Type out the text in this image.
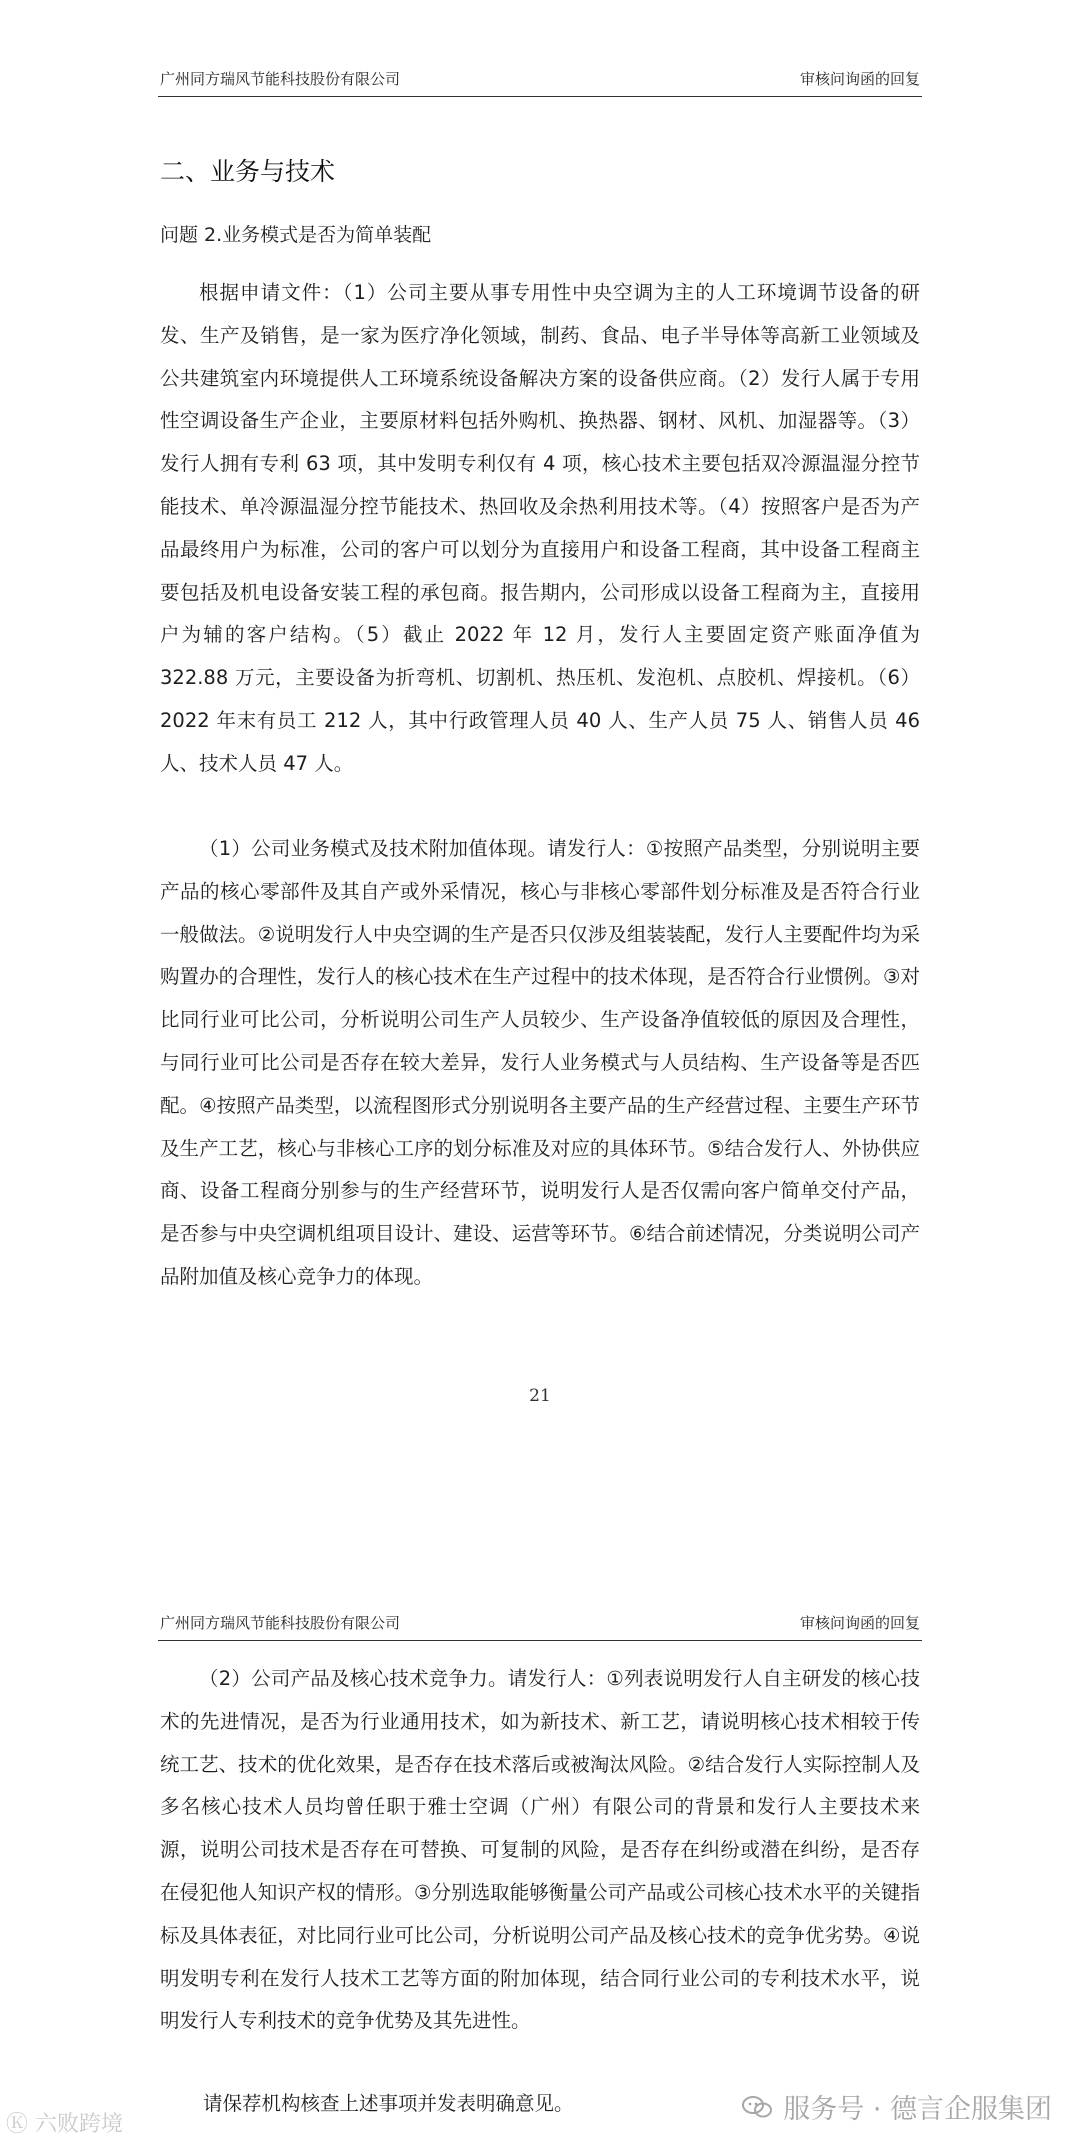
广州同方瑞风节能科技股份有限公司	审核问询函的回复
二、业务与技术
问题 2.业务模式是否为简单装配

根据申请文件：（1）公司主要从事专用性中央空调为主的人工环境调节设备的研发、生产及销售，是一家为医疗净化领域，制药、食品、电子半导体等高新工业领域及公共建筑室内环境提供人工环境系统设备解决方案的设备供应商。（2）发行人属于专用性空调设备生产企业，主要原材料包括外购机、换热器、钢材、风机、加湿器等。（3）发行人拥有专利 63 项，其中发明专利仅有 4 项，核心技术主要包括双冷源温湿分控节能技术、单冷源温湿分控节能技术、热回收及余热利用技术等。（4）按照客户是否为产品最终用户为标准，公司的客户可以划分为直接用户和设备工程商，其中设备工程商主要包括及机电设备安装工程的承包商。报告期内，公司形成以设备工程商为主，直接用户为辅的客户结构。（5）截止 2022 年 12 月，发行人主要固定资产账面净值为 322.88 万元，主要设备为折弯机、切割机、热压机、发泡机、点胶机、焊接机。（6）2022 年末有员工 212 人，其中行政管理人员 40 人、生产人员 75 人、销售人员 46 人、技术人员 47 人。

（1）公司业务模式及技术附加值体现。请发行人：①按照产品类型，分别说明主要产品的核心零部件及其自产或外采情况，核心与非核心零部件划分标准及是否符合行业一般做法。②说明发行人中央空调的生产是否只仅涉及组装装配，发行人主要配件均为采购置办的合理性，发行人的核心技术在生产过程中的技术体现，是否符合行业惯例。③对比同行业可比公司，分析说明公司生产人员较少、生产设备净值较低的原因及合理性，与同行业可比公司是否存在较大差异，发行人业务模式与人员结构、生产设备等是否匹配。④按照产品类型，以流程图形式分别说明各主要产品的生产经营过程、主要生产环节及生产工艺，核心与非核心工序的划分标准及对应的具体环节。⑤结合发行人、外协供应商、设备工程商分别参与的生产经营环节，说明发行人是否仅需向客户简单交付产品，是否参与中央空调机组项目设计、建设、运营等环节。⑥结合前述情况，分类说明公司产品附加值及核心竞争力的体现。

21
广州同方瑞风节能科技股份有限公司	审核问询函的回复

（2）公司产品及核心技术竞争力。请发行人：①列表说明发行人自主研发的核心技术的先进情况，是否为行业通用技术，如为新技术、新工艺，请说明核心技术相较于传统工艺、技术的优化效果，是否存在技术落后或被淘汰风险。②结合发行人实际控制人及多名核心技术人员均曾任职于雅士空调（广州）有限公司的背景和发行人主要技术来源，说明公司技术是否存在可替换、可复制的风险，是否存在纠纷或潜在纠纷，是否存在侵犯他人知识产权的情形。③分别选取能够衡量公司产品或公司核心技术水平的关键指标及具体表征，对比同行业可比公司，分析说明公司产品及核心技术的竞争优劣势。④说明发明专利在发行人技术工艺等方面的附加体现，结合同行业公司的专利技术水平，说明发行人专利技术的竞争优势及其先进性。

请保荐机构核查上述事项并发表明确意见。
Ⓚ 六败跨境	服务号 · 德言企服集团
